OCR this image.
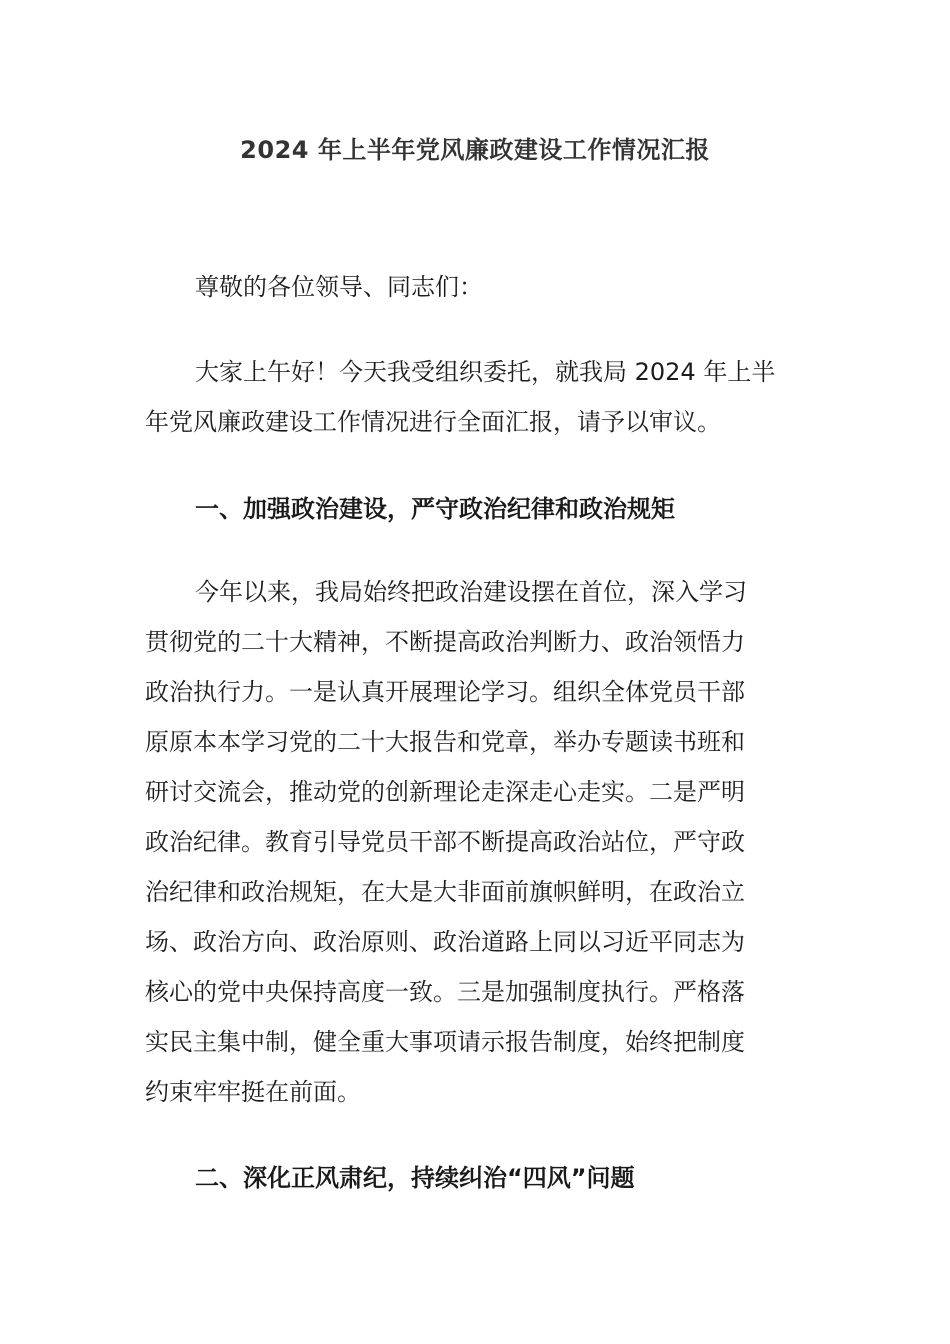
2024 年上半年党风廉政建设工作情况汇报
尊敬的各位领导、同志们：
大家上午好！今天我受组织委托，就我局 2024 年上半
年党风廉政建设工作情况进行全面汇报，请予以审议。
一、加强政治建设，严守政治纪律和政治规矩
今年以来，我局始终把政治建设摆在首位，深入学习
贯彻党的二十大精神，不断提高政治判断力、政治领悟力
政治执行力。一是认真开展理论学习。组织全体党员干部
原原本本学习党的二十大报告和党章，举办专题读书班和
研讨交流会，推动党的创新理论走深走心走实。二是严明
政治纪律。教育引导党员干部不断提高政治站位，严守政
治纪律和政治规矩，在大是大非面前旗帜鲜明，在政治立
场、政治方向、政治原则、政治道路上同以习近平同志为
核心的党中央保持高度一致。三是加强制度执行。严格落
实民主集中制，健全重大事项请示报告制度，始终把制度
约束牢牢挺在前面。
二、深化正风肃纪，持续纠治“四风”问题
